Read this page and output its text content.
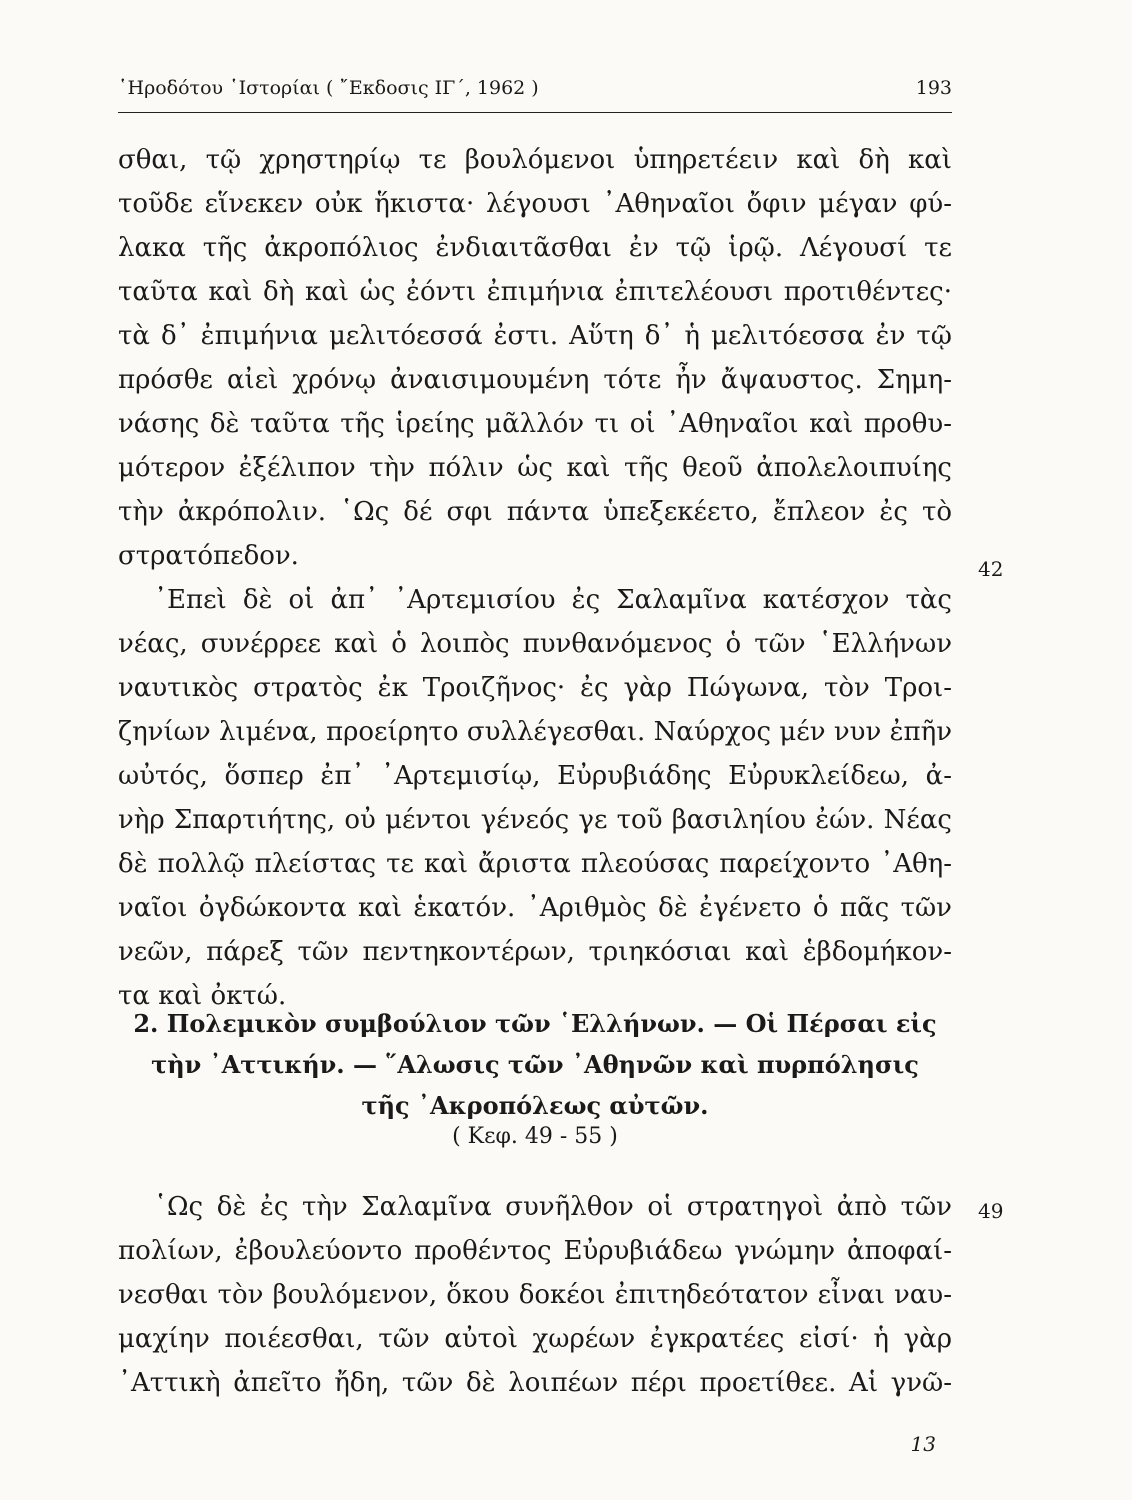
῾Ηροδότου ῾Ιστορίαι ( ῎Εκδοσις ΙΓ΄, 1962 )	193
σθαι, τῷ χρηστηρίῳ τε βουλόμενοι ὑπηρετέειν καὶ δὴ καὶ
τοῦδε εἵνεκεν οὐκ ἥκιστα· λέγουσι ᾿Αθηναῖοι ὄφιν μέγαν φύ-
λακα τῆς ἀκροπόλιος ἐνδιαιτᾶσθαι ἐν τῷ ἱρῷ. Λέγουσί τε
ταῦτα καὶ δὴ καὶ ὡς ἐόντι ἐπιμήνια ἐπιτελέουσι προτιθέντες·
τὰ δ᾿ ἐπιμήνια μελιτόεσσά ἐστι. Αὕτη δ᾿ ἡ μελιτόεσσα ἐν τῷ
πρόσθε αἰεὶ χρόνῳ ἀναισιμουμένη τότε ἦν ἄψαυστος. Σημη-
νάσης δὲ ταῦτα τῆς ἱρείης μᾶλλόν τι οἱ ᾿Αθηναῖοι καὶ προθυ-
μότερον ἐξέλιπον τὴν πόλιν ὡς καὶ τῆς θεοῦ ἀπολελοιπυίης
τὴν ἀκρόπολιν. ῾Ως δέ σφι πάντα ὑπεξεκέετο, ἔπλεον ἐς τὸ
στρατόπεδον.
᾿Επεὶ δὲ οἱ ἀπ᾿ ᾿Αρτεμισίου ἐς Σαλαμῖνα κατέσχον τὰς
νέας, συνέρρεε καὶ ὁ λοιπὸς πυνθανόμενος ὁ τῶν ῾Ελλήνων
ναυτικὸς στρατὸς ἐκ Τροιζῆνος· ἐς γὰρ Πώγωνα, τὸν Τροι-
ζηνίων λιμένα, προείρητο συλλέγεσθαι. Ναύρχος μέν νυν ἐπῆν
ωὐτός, ὅσπερ ἐπ᾿ ᾿Αρτεμισίῳ, Εὐρυβιάδης Εὐρυκλείδεω, ἀ-
νὴρ Σπαρτιήτης, οὐ μέντοι γένεός γε τοῦ βασιληίου ἐών. Νέας
δὲ πολλῷ πλείστας τε καὶ ἄριστα πλεούσας παρείχοντο ᾿Αθη-
ναῖοι ὀγδώκοντα καὶ ἑκατόν. ᾿Αριθμὸς δὲ ἐγένετο ὁ πᾶς τῶν
νεῶν, πάρεξ τῶν πεντηκοντέρων, τριηκόσιαι καὶ ἑβδομήκον-
τα καὶ ὀκτώ.
42
2. Πολεμικὸν συμβούλιον τῶν ῾Ελλήνων. — Οἱ Πέρσαι εἰς
τὴν ᾿Αττικήν. — ῞Αλωσις τῶν ᾿Αθηνῶν καὶ πυρπόλησις
τῆς ᾿Ακροπόλεως αὐτῶν.
( Κεφ. 49 - 55 )
῾Ως δὲ ἐς τὴν Σαλαμῖνα συνῆλθον οἱ στρατηγοὶ ἀπὸ τῶν
πολίων, ἐβουλεύοντο προθέντος Εὐρυβιάδεω γνώμην ἀποφαί-
νεσθαι τὸν βουλόμενον, ὅκου δοκέοι ἐπιτηδεότατον εἶναι ναυ-
μαχίην ποιέεσθαι, τῶν αὐτοὶ χωρέων ἐγκρατέες εἰσί· ἡ γὰρ
᾿Αττικὴ ἀπεῖτο ἤδη, τῶν δὲ λοιπέων πέρι προετίθεε. Αἱ γνῶ-
49
13
